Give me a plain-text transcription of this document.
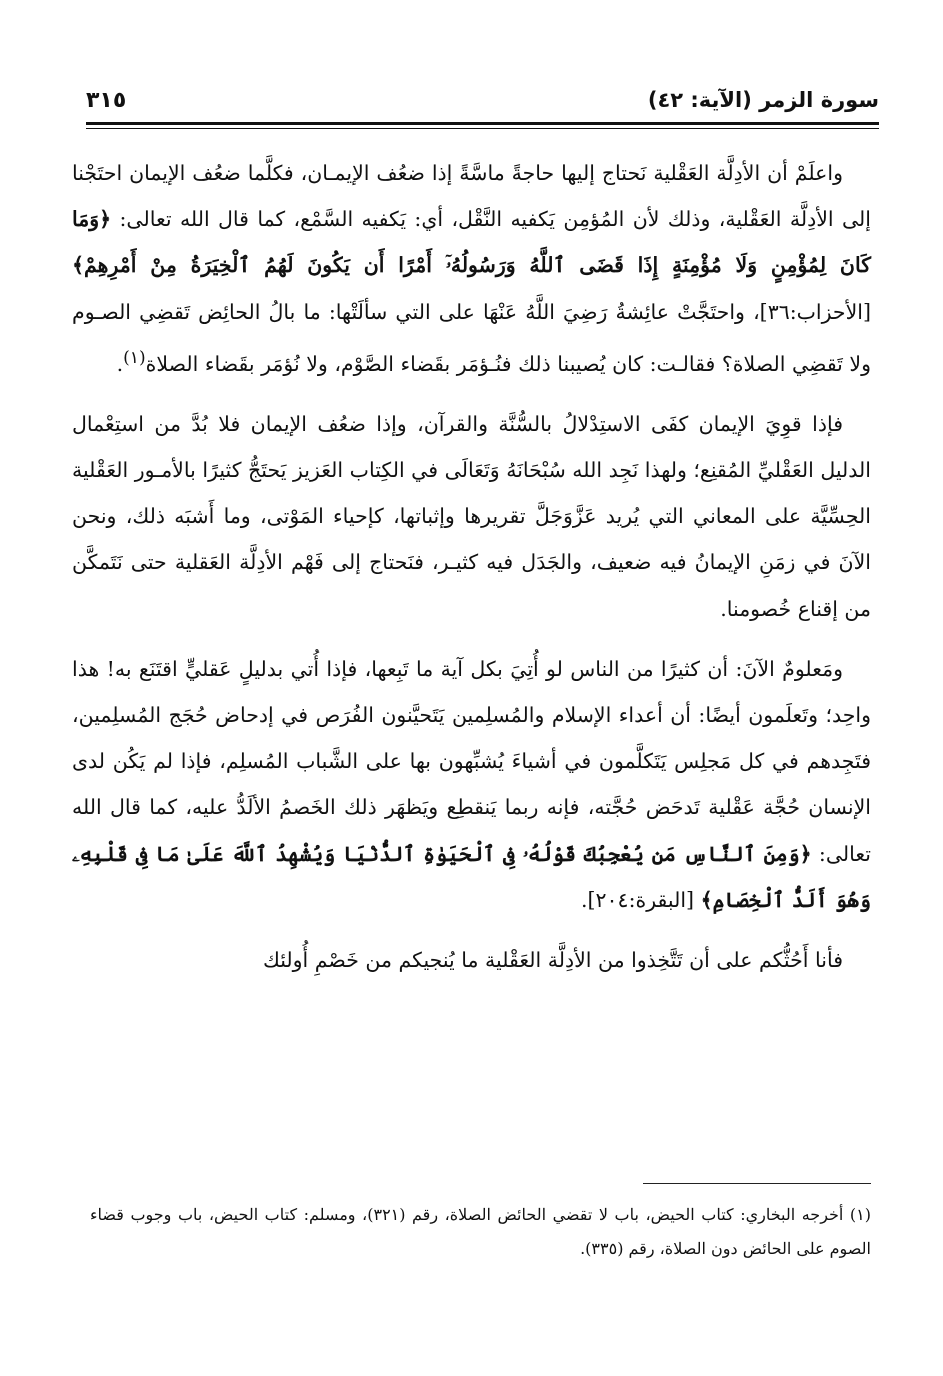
سورة الزمر (الآية: ٤٢)
٣١٥

واعلَمْ أن الأدِلَّة العَقْلية نَحتاج إليها حاجةً ماسَّةً إذا ضعُف الإيمـان، فكلَّما ضعُف الإيمان احتَجْنا إلى الأدِلَّة العَقْلية، وذلك لأن المُؤمِن يَكفيه النَّقْل، أي: يَكفيه السَّمْع، كما قال الله تعالى: ﴿وَمَا كَانَ لِمُؤْمِنٍ وَلَا مُؤْمِنَةٍ إِذَا قَضَى ٱللَّهُ وَرَسُولُهُۥٓ أَمْرًا أَن يَكُونَ لَهُمُ ٱلْخِيَرَةُ مِنْ أَمْرِهِمْ﴾ [الأحزاب:٣٦]، واحتَجَّتْ عائِشةُ رَضِيَ اللَّهُ عَنْهَا على التي سألَتْها: ما بالُ الحائِض تَقضِي الصـوم ولا تَقضِي الصلاة؟ فقالـت: كان يُصيبنا ذلك فنُـؤمَر بقَضاء الصَّوْم، ولا نُؤمَر بقَضاء الصلاة$^{(١)}$.

فإذا قوِيَ الإيمان كفَى الاستِدْلالُ بالسُّنَّة والقرآن، وإذا ضعُف الإيمان فلا بُدَّ من استِعْمال الدليل العَقْليِّ المُقنِع؛ ولهذا نَجِد الله سُبْحَانَهُ وَتَعَالَى في الكِتاب العَزيز يَحتَجُّ كثيرًا بالأمـور العَقْلية الحِسِّيَّة على المعاني التي يُريد عَزَّوَجَلَّ تقريرها وإثباتها، كإحياء المَوْتى، وما أَشبَه ذلك، ونحن الآنَ في زمَنِ الإيمانُ فيه ضعيف، والجَدَل فيه كثيـر، فنَحتاج إلى فَهْم الأدِلَّة العَقلية حتى نَتَمكَّن من إقناع خُصومنا.

ومَعلومٌ الآنَ: أن كثيرًا من الناس لو أُتِيَ بكل آية ما تَبِعها، فإذا أُتي بدليلٍ عَقليٍّ اقتَنَع به! هذا واحِد؛ وتَعلَمون أيضًا: أن أعداء الإسلام والمُسلِمين يَتَحيَّنون الفُرَص في إدحاض حُجَج المُسلِمين، فتَجِدهم في كل مَجلِس يَتَكلَّمون في أشياءَ يُشبِّهون بها على الشَّباب المُسلِم، فإذا لم يَكُن لدى الإنسان حُجَّة عَقْلية تَدحَض حُجَّته، فإنه ربما يَنقطِع ويَظهَر ذلك الخَصمُ الألَدُّ عليه، كما قال الله تعالى: ﴿وَمِنَ ٱلنَّاسِ مَن يُعْجِبُكَ قَوْلُهُۥ فِى ٱلْحَيَوٰةِ ٱلدُّنْيَا وَيُشْهِدُ ٱللَّهَ عَلَىٰ مَا فِى قَلْبِهِۦ وَهُوَ أَلَدُّ ٱلْخِصَامِ﴾ [البقرة:٢٠٤].

فأنا أَحُثُّكم على أن تَتَّخِذوا من الأدِلَّة العَقْلية ما يُنجيكم من خَصْمِ أُولئك

(١) أخرجه البخاري: كتاب الحيض، باب لا تقضي الحائض الصلاة، رقم (٣٢١)، ومسلم: كتاب الحيض، باب وجوب قضاء الصوم على الحائض دون الصلاة، رقم (٣٣٥).
